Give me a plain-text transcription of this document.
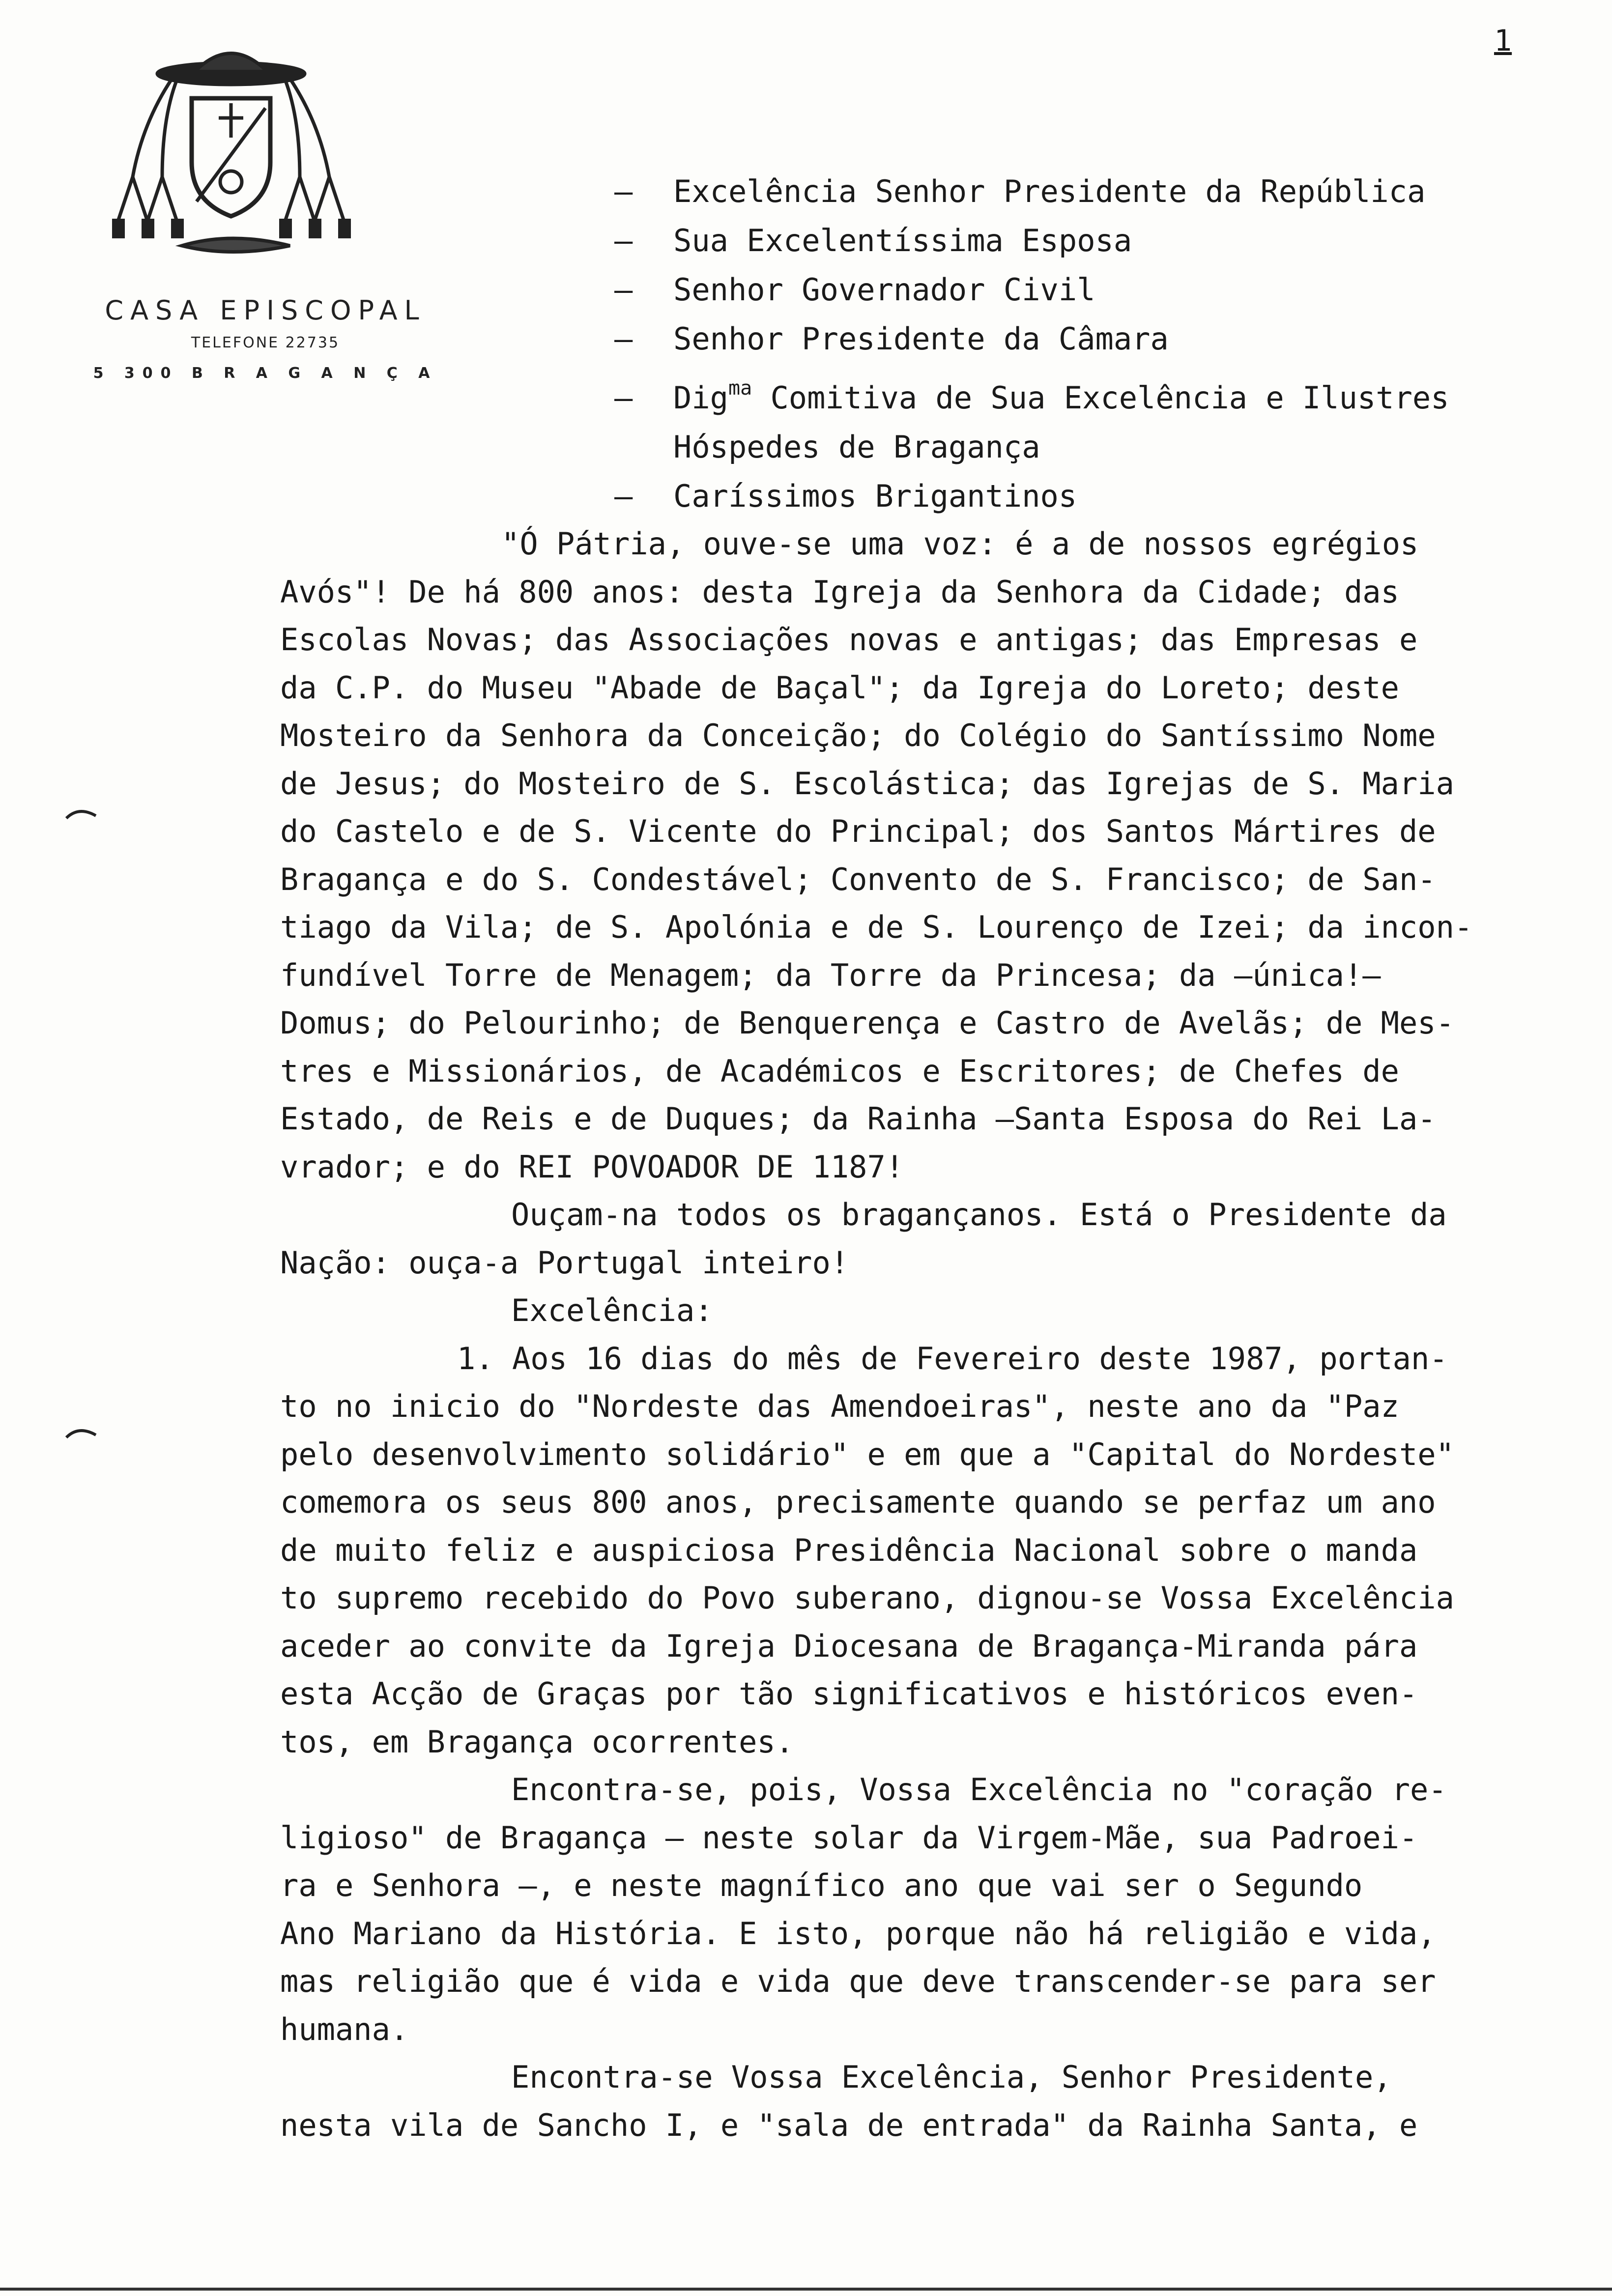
CASA EPISCOPAL
TELEFONE 22735
5 300 B R A G A N Ç A
1
— Excelência Senhor Presidente da República
— Sua Excelentíssima Esposa
— Senhor Governador Civil
— Senhor Presidente da Câmara
— Dig$^{ma}$ Comitiva de Sua Excelência e Ilustres
Hóspedes de Bragança
— Caríssimos Brigantinos
"Ó Pátria, ouve-se uma voz: é a de nossos egrégios
Avós"! De há 800 anos: desta Igreja da Senhora da Cidade; das
Escolas Novas; das Associações novas e antigas; das Empresas e
da C.P. do Museu "Abade de Baçal"; da Igreja do Loreto; deste
Mosteiro da Senhora da Conceição; do Colégio do Santíssimo Nome
de Jesus; do Mosteiro de S. Escolástica; das Igrejas de S. Maria
do Castelo e de S. Vicente do Principal; dos Santos Mártires de
Bragança e do S. Condestável; Convento de S. Francisco; de San-
tiago da Vila; de S. Apolónia e de S. Lourenço de Izei; da incon-
fundível Torre de Menagem; da Torre da Princesa; da —única!—
Domus; do Pelourinho; de Benquerença e Castro de Avelãs; de Mes-
tres e Missionários, de Académicos e Escritores; de Chefes de
Estado, de Reis e de Duques; da Rainha —Santa Esposa do Rei La-
vrador; e do REI POVOADOR DE 1187!
Ouçam-na todos os bragançanos. Está o Presidente da
Nação: ouça-a Portugal inteiro!
Excelência:
1. Aos 16 dias do mês de Fevereiro deste 1987, portan-
to no inicio do "Nordeste das Amendoeiras", neste ano da "Paz
pelo desenvolvimento solidário" e em que a "Capital do Nordeste"
comemora os seus 800 anos, precisamente quando se perfaz um ano
de muito feliz e auspiciosa Presidência Nacional sobre o manda
to supremo recebido do Povo suberano, dignou-se Vossa Excelência
aceder ao convite da Igreja Diocesana de Bragança-Miranda pára
esta Acção de Graças por tão significativos e históricos even-
tos, em Bragança ocorrentes.
Encontra-se, pois, Vossa Excelência no "coração re-
ligioso" de Bragança — neste solar da Virgem-Mãe, sua Padroei-
ra e Senhora —, e neste magnífico ano que vai ser o Segundo
Ano Mariano da História. E isto, porque não há religião e vida,
mas religião que é vida e vida que deve transcender-se para ser
humana.
Encontra-se Vossa Excelência, Senhor Presidente,
nesta vila de Sancho I, e "sala de entrada" da Rainha Santa, e
